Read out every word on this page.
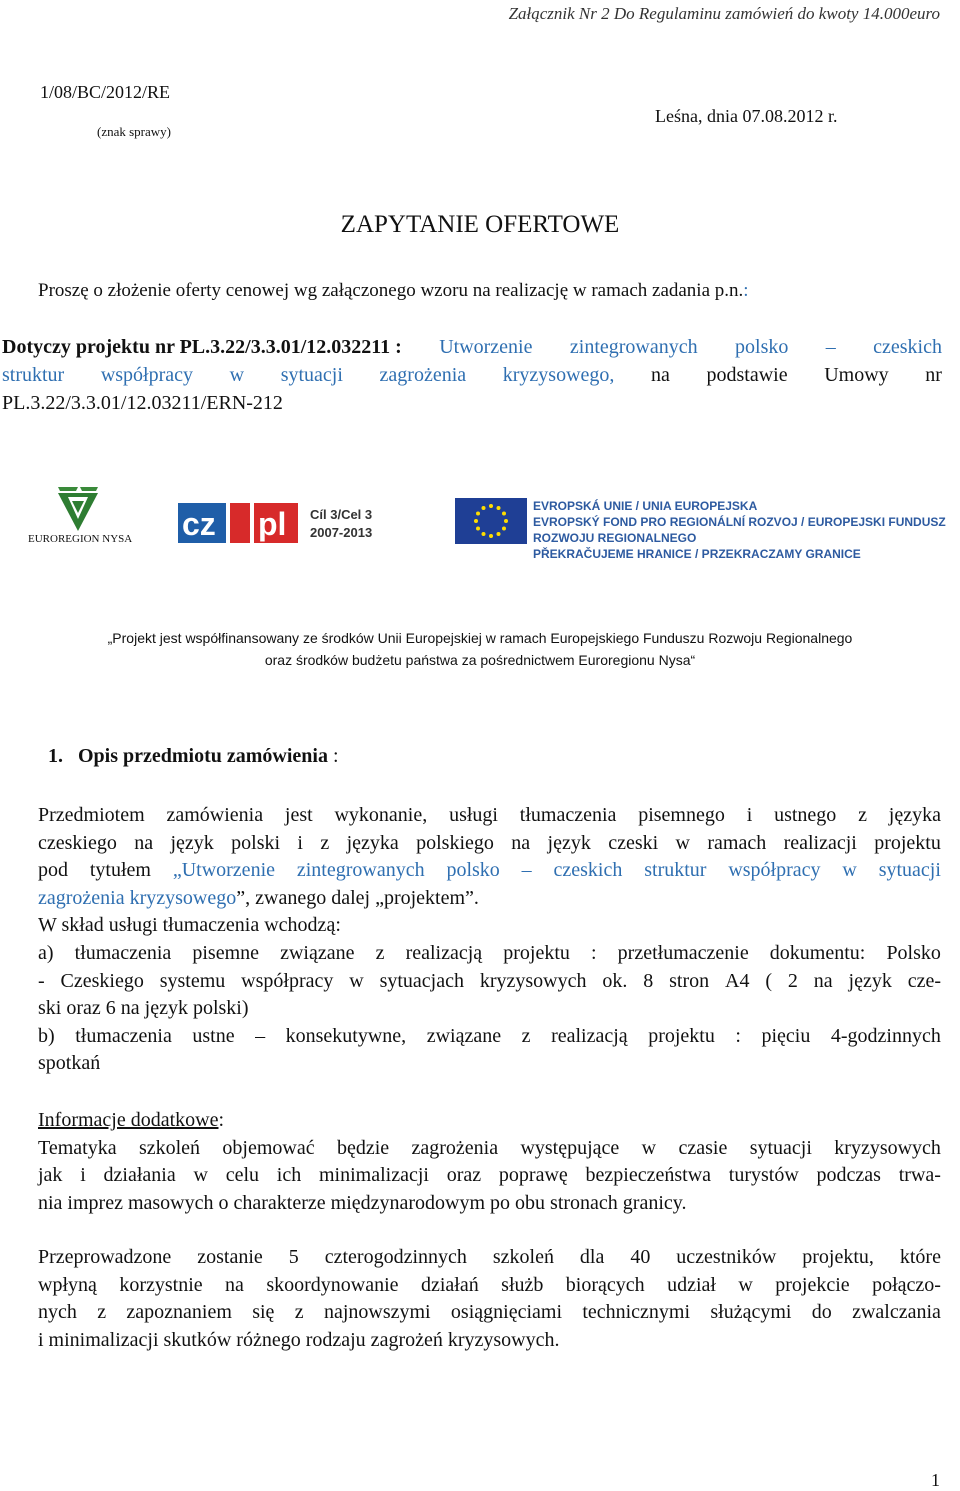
Załącznik Nr 2 Do Regulaminu zamówień do kwoty 14.000euro
1/08/BC/2012/RE
(znak sprawy)
Leśna, dnia 07.08.2012 r.
ZAPYTANIE OFERTOWE
Proszę o złożenie oferty cenowej wg załączonego wzoru na realizację w ramach zadania p.n.:
Dotyczy projektu nr PL.3.22/3.3.01/12.032211 : Utworzenie zintegrowanych polsko – czeskich
struktur współpracy w sytuacji zagrożenia kryzysowego, na podstawie Umowy nr
PL.3.22/3.3.01/12.03211/ERN-212
EUROREGION NYSA cz pl Cíl 3/Cel 3
2007-2013
EVROPSKÁ UNIE / UNIA EUROPEJSKA
EVROPSKÝ FOND PRO REGIONÁLNÍ ROZVOJ / EUROPEJSKI FUNDUSZ ROZWOJU REGIONALNEGO
PŘEKRAČUJEME HRANICE / PRZEKRACZAMY GRANICE
„Projekt jest współfinansowany ze środków Unii Europejskiej w ramach Europejskiego Funduszu Rozwoju Regionalnego
oraz środków budżetu państwa za pośrednictwem Euroregionu Nysa“
1. Opis przedmiotu zamówienia :
Przedmiotem zamówienia jest wykonanie, usługi tłumaczenia pisemnego i ustnego z języka
czeskiego na język polski i z języka polskiego na język czeski w ramach realizacji projektu
pod tytułem „Utworzenie zintegrowanych polsko – czeskich struktur współpracy w sytuacji
zagrożenia kryzysowego”, zwanego dalej „projektem”.
W skład usługi tłumaczenia wchodzą:
a) tłumaczenia pisemne związane z realizacją projektu : przetłumaczenie dokumentu: Polsko
- Czeskiego systemu współpracy w sytuacjach kryzysowych ok. 8 stron A4 ( 2 na język cze-
ski oraz 6 na język polski)
b) tłumaczenia ustne – konsekutywne, związane z realizacją projektu : pięciu 4-godzinnych
spotkań
Informacje dodatkowe:
Tematyka szkoleń objemować będzie zagrożenia występujące w czasie sytuacji kryzysowych
jak i działania w celu ich minimalizacji oraz poprawę bezpieczeństwa turystów podczas trwa-
nia imprez masowych o charakterze międzynarodowym po obu stronach granicy.
Przeprowadzone zostanie 5 czterogodzinnych szkoleń dla 40 uczestników projektu, które
wpłyną korzystnie na skoordynowanie działań służb biorących udział w projekcie połączo-
nych z zapoznaniem się z najnowszymi osiągnięciami technicznymi służącymi do zwalczania
i minimalizacji skutków różnego rodzaju zagrożeń kryzysowych.
1
